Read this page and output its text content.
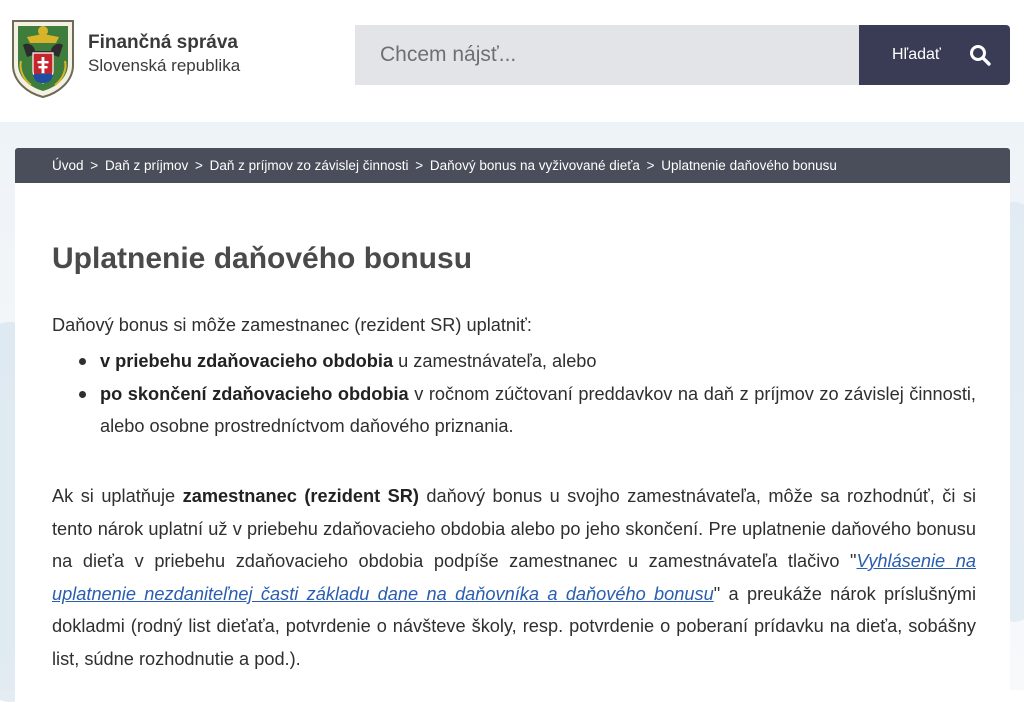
Finančná správa
Slovenská republika
Chcem nájsť...
Hľadať
Úvod > Daň z príjmov > Daň z príjmov zo závislej činnosti > Daňový bonus na vyživované dieťa > Uplatnenie daňového bonusu
Uplatnenie daňového bonusu

Daňový bonus si môže zamestnanec (rezident SR) uplatniť:

v priebehu zdaňovacieho obdobia u zamestnávateľa, alebo
po skončení zdaňovacieho obdobia v ročnom zúčtovaní preddavkov na daň z príjmov zo závislej činnosti, alebo osobne prostredníctvom daňového priznania.

Ak si uplatňuje zamestnanec (rezident SR) daňový bonus u svojho zamestnávateľa, môže sa rozhodnúť, či si tento nárok uplatní už v priebehu zdaňovacieho obdobia alebo po jeho skončení. Pre uplatnenie daňového bonusu na dieťa v priebehu zdaňovacieho obdobia podpíše zamestnanec u zamestnávateľa tlačivo "Vyhlásenie na uplatnenie nezdaniteľnej časti základu dane na daňovníka a daňového bonusu" a preukáže nárok príslušnými dokladmi (rodný list dieťaťa, potvrdenie o návšteve školy, resp. potvrdenie o poberaní prídavku na dieťa, sobášny list, súdne rozhodnutie a pod.).
